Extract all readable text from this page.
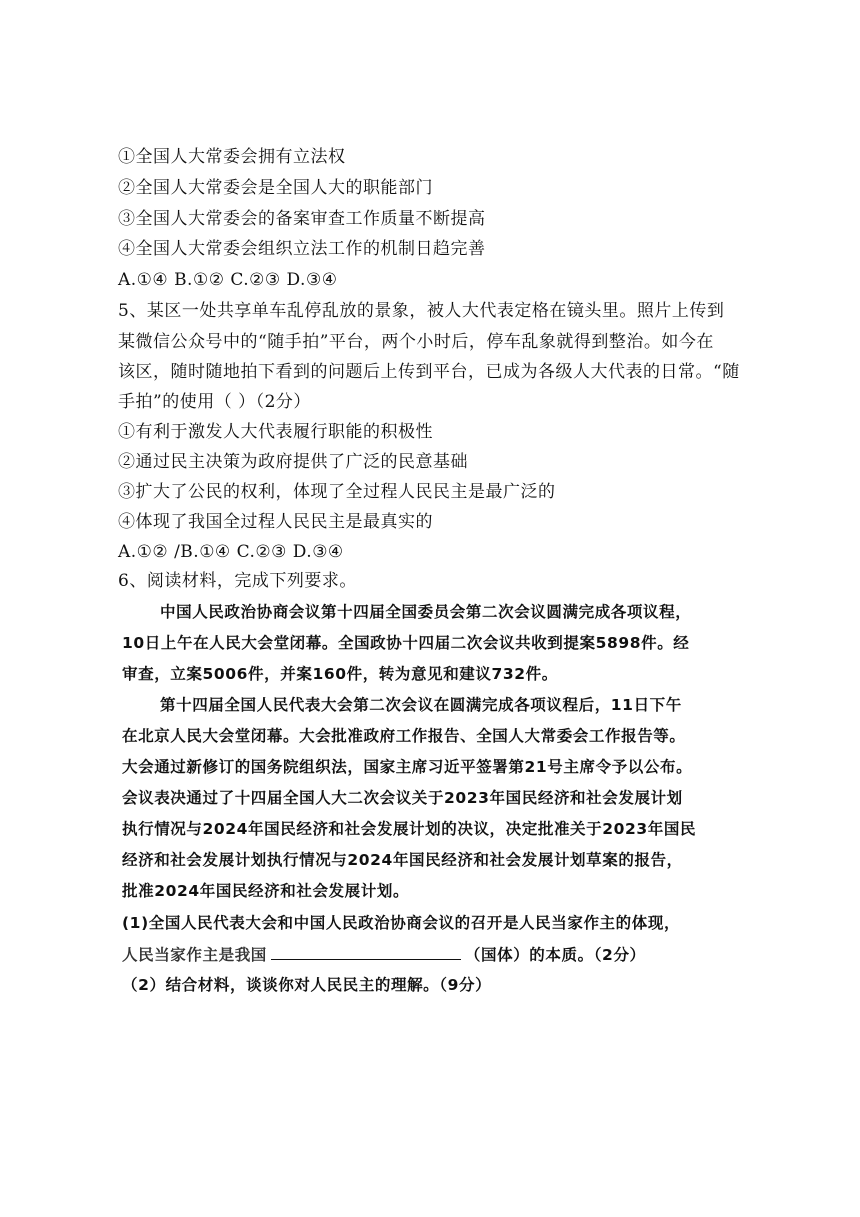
①全国人大常委会拥有立法权
②全国人大常委会是全国人大的职能部门
③全国人大常委会的备案审查工作质量不断提高
④全国人大常委会组织立法工作的机制日趋完善
A.①④ B.①② C.②③ D.③④
5、某区一处共享单车乱停乱放的景象，被人大代表定格在镜头里。照片上传到
某微信公众号中的“随手拍”平台，两个小时后，停车乱象就得到整治。如今在
该区，随时随地拍下看到的问题后上传到平台，已成为各级人大代表的日常。“随
手拍”的使用（ ）（2分）
①有利于激发人大代表履行职能的积极性
②通过民主决策为政府提供了广泛的民意基础
③扩大了公民的权利，体现了全过程人民民主是最广泛的
④体现了我国全过程人民民主是最真实的
A.①② /B.①④ C.②③ D.③④
6、阅读材料，完成下列要求。
中国人民政治协商会议第十四届全国委员会第二次会议圆满完成各项议程，
10日上午在人民大会堂闭幕。全国政协十四届二次会议共收到提案5898件。经
审查，立案5006件，并案160件，转为意见和建议732件。
第十四届全国人民代表大会第二次会议在圆满完成各项议程后，11日下午
在北京人民大会堂闭幕。大会批准政府工作报告、全国人大常委会工作报告等。
大会通过新修订的国务院组织法，国家主席习近平签署第21号主席令予以公布。
会议表决通过了十四届全国人大二次会议关于2023年国民经济和社会发展计划
执行情况与2024年国民经济和社会发展计划的决议，决定批准关于2023年国民
经济和社会发展计划执行情况与2024年国民经济和社会发展计划草案的报告，
批准2024年国民经济和社会发展计划。
(1)全国人民代表大会和中国人民政治协商会议的召开是人民当家作主的体现，
人民当家作主是我国	（国体）的本质。（2分）
（2）结合材料，谈谈你对人民民主的理解。（9分）
